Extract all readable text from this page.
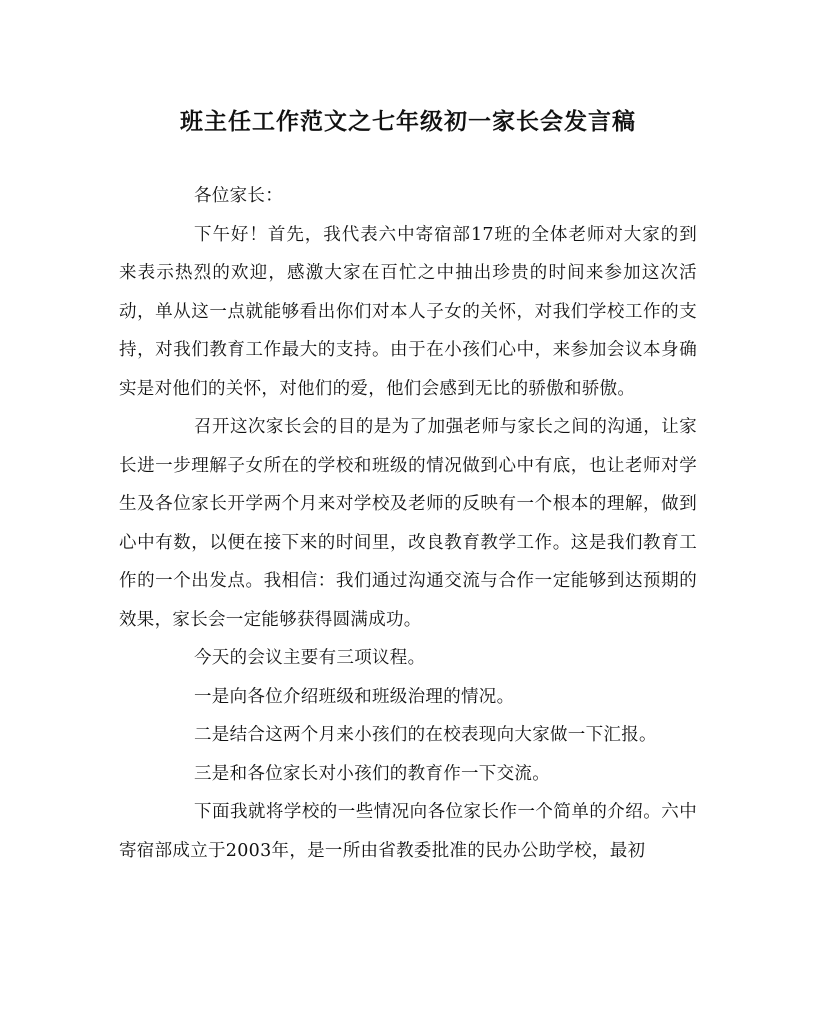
班主任工作范文之七年级初一家长会发言稿

各位家长：

下午好！首先，我代表六中寄宿部17班的全体老师对大家的到来表示热烈的欢迎，感激大家在百忙之中抽出珍贵的时间来参加这次活动，单从这一点就能够看出你们对本人子女的关怀，对我们学校工作的支持，对我们教育工作最大的支持。由于在小孩们心中，来参加会议本身确实是对他们的关怀，对他们的爱，他们会感到无比的骄傲和骄傲。

召开这次家长会的目的是为了加强老师与家长之间的沟通，让家长进一步理解子女所在的学校和班级的情况做到心中有底，也让老师对学生及各位家长开学两个月来对学校及老师的反映有一个根本的理解，做到心中有数，以便在接下来的时间里，改良教育教学工作。这是我们教育工作的一个出发点。我相信：我们通过沟通交流与合作一定能够到达预期的效果，家长会一定能够获得圆满成功。

今天的会议主要有三项议程。

一是向各位介绍班级和班级治理的情况。

二是结合这两个月来小孩们的在校表现向大家做一下汇报。

三是和各位家长对小孩们的教育作一下交流。

下面我就将学校的一些情况向各位家长作一个简单的介绍。六中寄宿部成立于2003年，是一所由省教委批准的民办公助学校，最初
